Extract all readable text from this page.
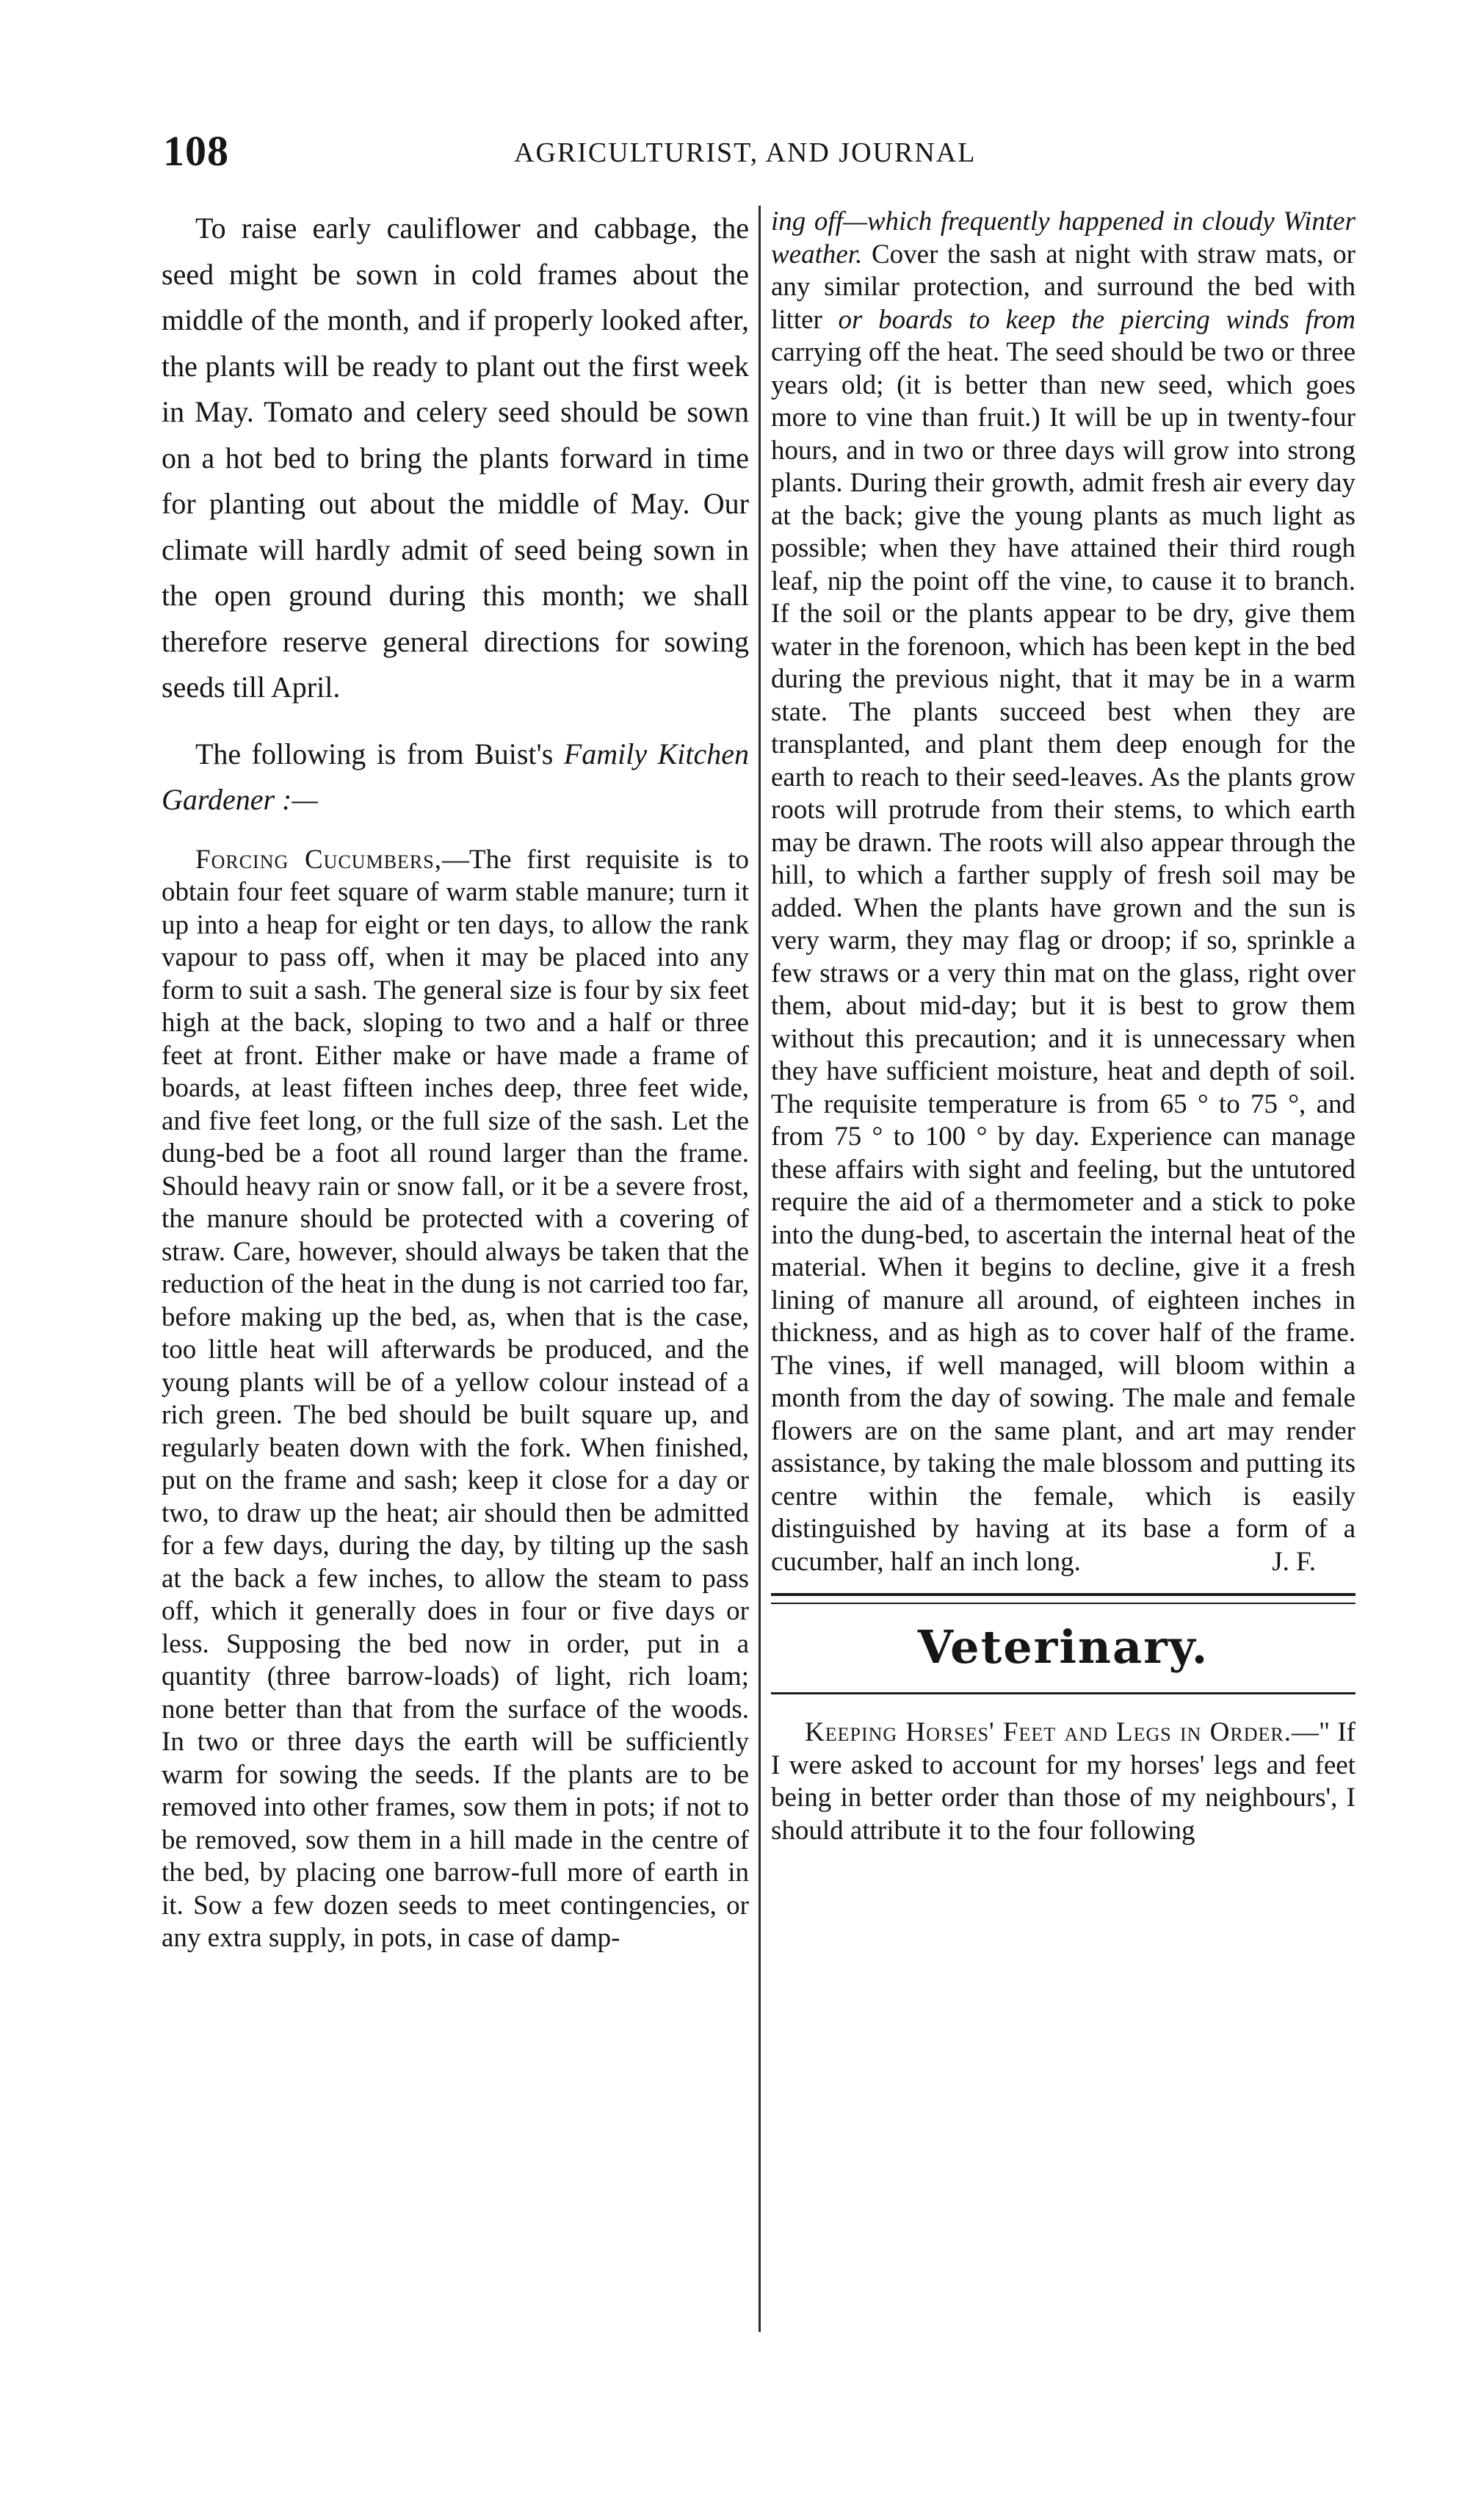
108	AGRICULTURIST, AND JOURNAL

To raise early cauliflower and cabbage, the seed might be sown in cold frames about the middle of the month, and if properly looked after, the plants will be ready to plant out the first week in May. Tomato and celery seed should be sown on a hot bed to bring the plants forward in time for planting out about the middle of May. Our climate will hardly admit of seed being sown in the open ground during this month; we shall therefore reserve general directions for sowing seeds till April.

The following is from Buist's Family Kitchen Gardener :—

Forcing Cucumbers,—The first requisite is to obtain four feet square of warm stable manure; turn it up into a heap for eight or ten days, to allow the rank vapour to pass off, when it may be placed into any form to suit a sash. The general size is four by six feet high at the back, sloping to two and a half or three feet at front. Either make or have made a frame of boards, at least fifteen inches deep, three feet wide, and five feet long, or the full size of the sash. Let the dung-bed be a foot all round larger than the frame. Should heavy rain or snow fall, or it be a severe frost, the manure should be protected with a covering of straw. Care, however, should always be taken that the reduction of the heat in the dung is not carried too far, before making up the bed, as, when that is the case, too little heat will afterwards be produced, and the young plants will be of a yellow colour instead of a rich green. The bed should be built square up, and regularly beaten down with the fork. When finished, put on the frame and sash; keep it close for a day or two, to draw up the heat; air should then be admitted for a few days, during the day, by tilting up the sash at the back a few inches, to allow the steam to pass off, which it generally does in four or five days or less. Supposing the bed now in order, put in a quantity (three barrow-loads) of light, rich loam; none better than that from the surface of the woods. In two or three days the earth will be sufficiently warm for sowing the seeds. If the plants are to be removed into other frames, sow them in pots; if not to be removed, sow them in a hill made in the centre of the bed, by placing one barrow-full more of earth in it. Sow a few dozen seeds to meet contingencies, or any extra supply, in pots, in case of damp-

ing off—which frequently happened in cloudy Winter weather. Cover the sash at night with straw mats, or any similar protection, and surround the bed with litter or boards to keep the piercing winds from carrying off the heat. The seed should be two or three years old; (it is better than new seed, which goes more to vine than fruit.) It will be up in twenty-four hours, and in two or three days will grow into strong plants. During their growth, admit fresh air every day at the back; give the young plants as much light as possible; when they have attained their third rough leaf, nip the point off the vine, to cause it to branch. If the soil or the plants appear to be dry, give them water in the forenoon, which has been kept in the bed during the previous night, that it may be in a warm state. The plants succeed best when they are transplanted, and plant them deep enough for the earth to reach to their seed-leaves. As the plants grow roots will protrude from their stems, to which earth may be drawn. The roots will also appear through the hill, to which a farther supply of fresh soil may be added. When the plants have grown and the sun is very warm, they may flag or droop; if so, sprinkle a few straws or a very thin mat on the glass, right over them, about mid-day; but it is best to grow them without this precaution; and it is unnecessary when they have sufficient moisture, heat and depth of soil. The requisite temperature is from 65 ° to 75 °, and from 75 ° to 100 ° by day. Experience can manage these affairs with sight and feeling, but the untutored require the aid of a thermometer and a stick to poke into the dung-bed, to ascertain the internal heat of the material. When it begins to decline, give it a fresh lining of manure all around, of eighteen inches in thickness, and as high as to cover half of the frame. The vines, if well managed, will bloom within a month from the day of sowing. The male and female flowers are on the same plant, and art may render assistance, by taking the male blossom and putting its centre within the female, which is easily distinguished by having at its base a form of a cucumber, half an inch long.	J. F.

Veterinary.

Keeping Horses' Feet and Legs in Order.—" If I were asked to account for my horses' legs and feet being in better order than those of my neighbours', I should attribute it to the four following
